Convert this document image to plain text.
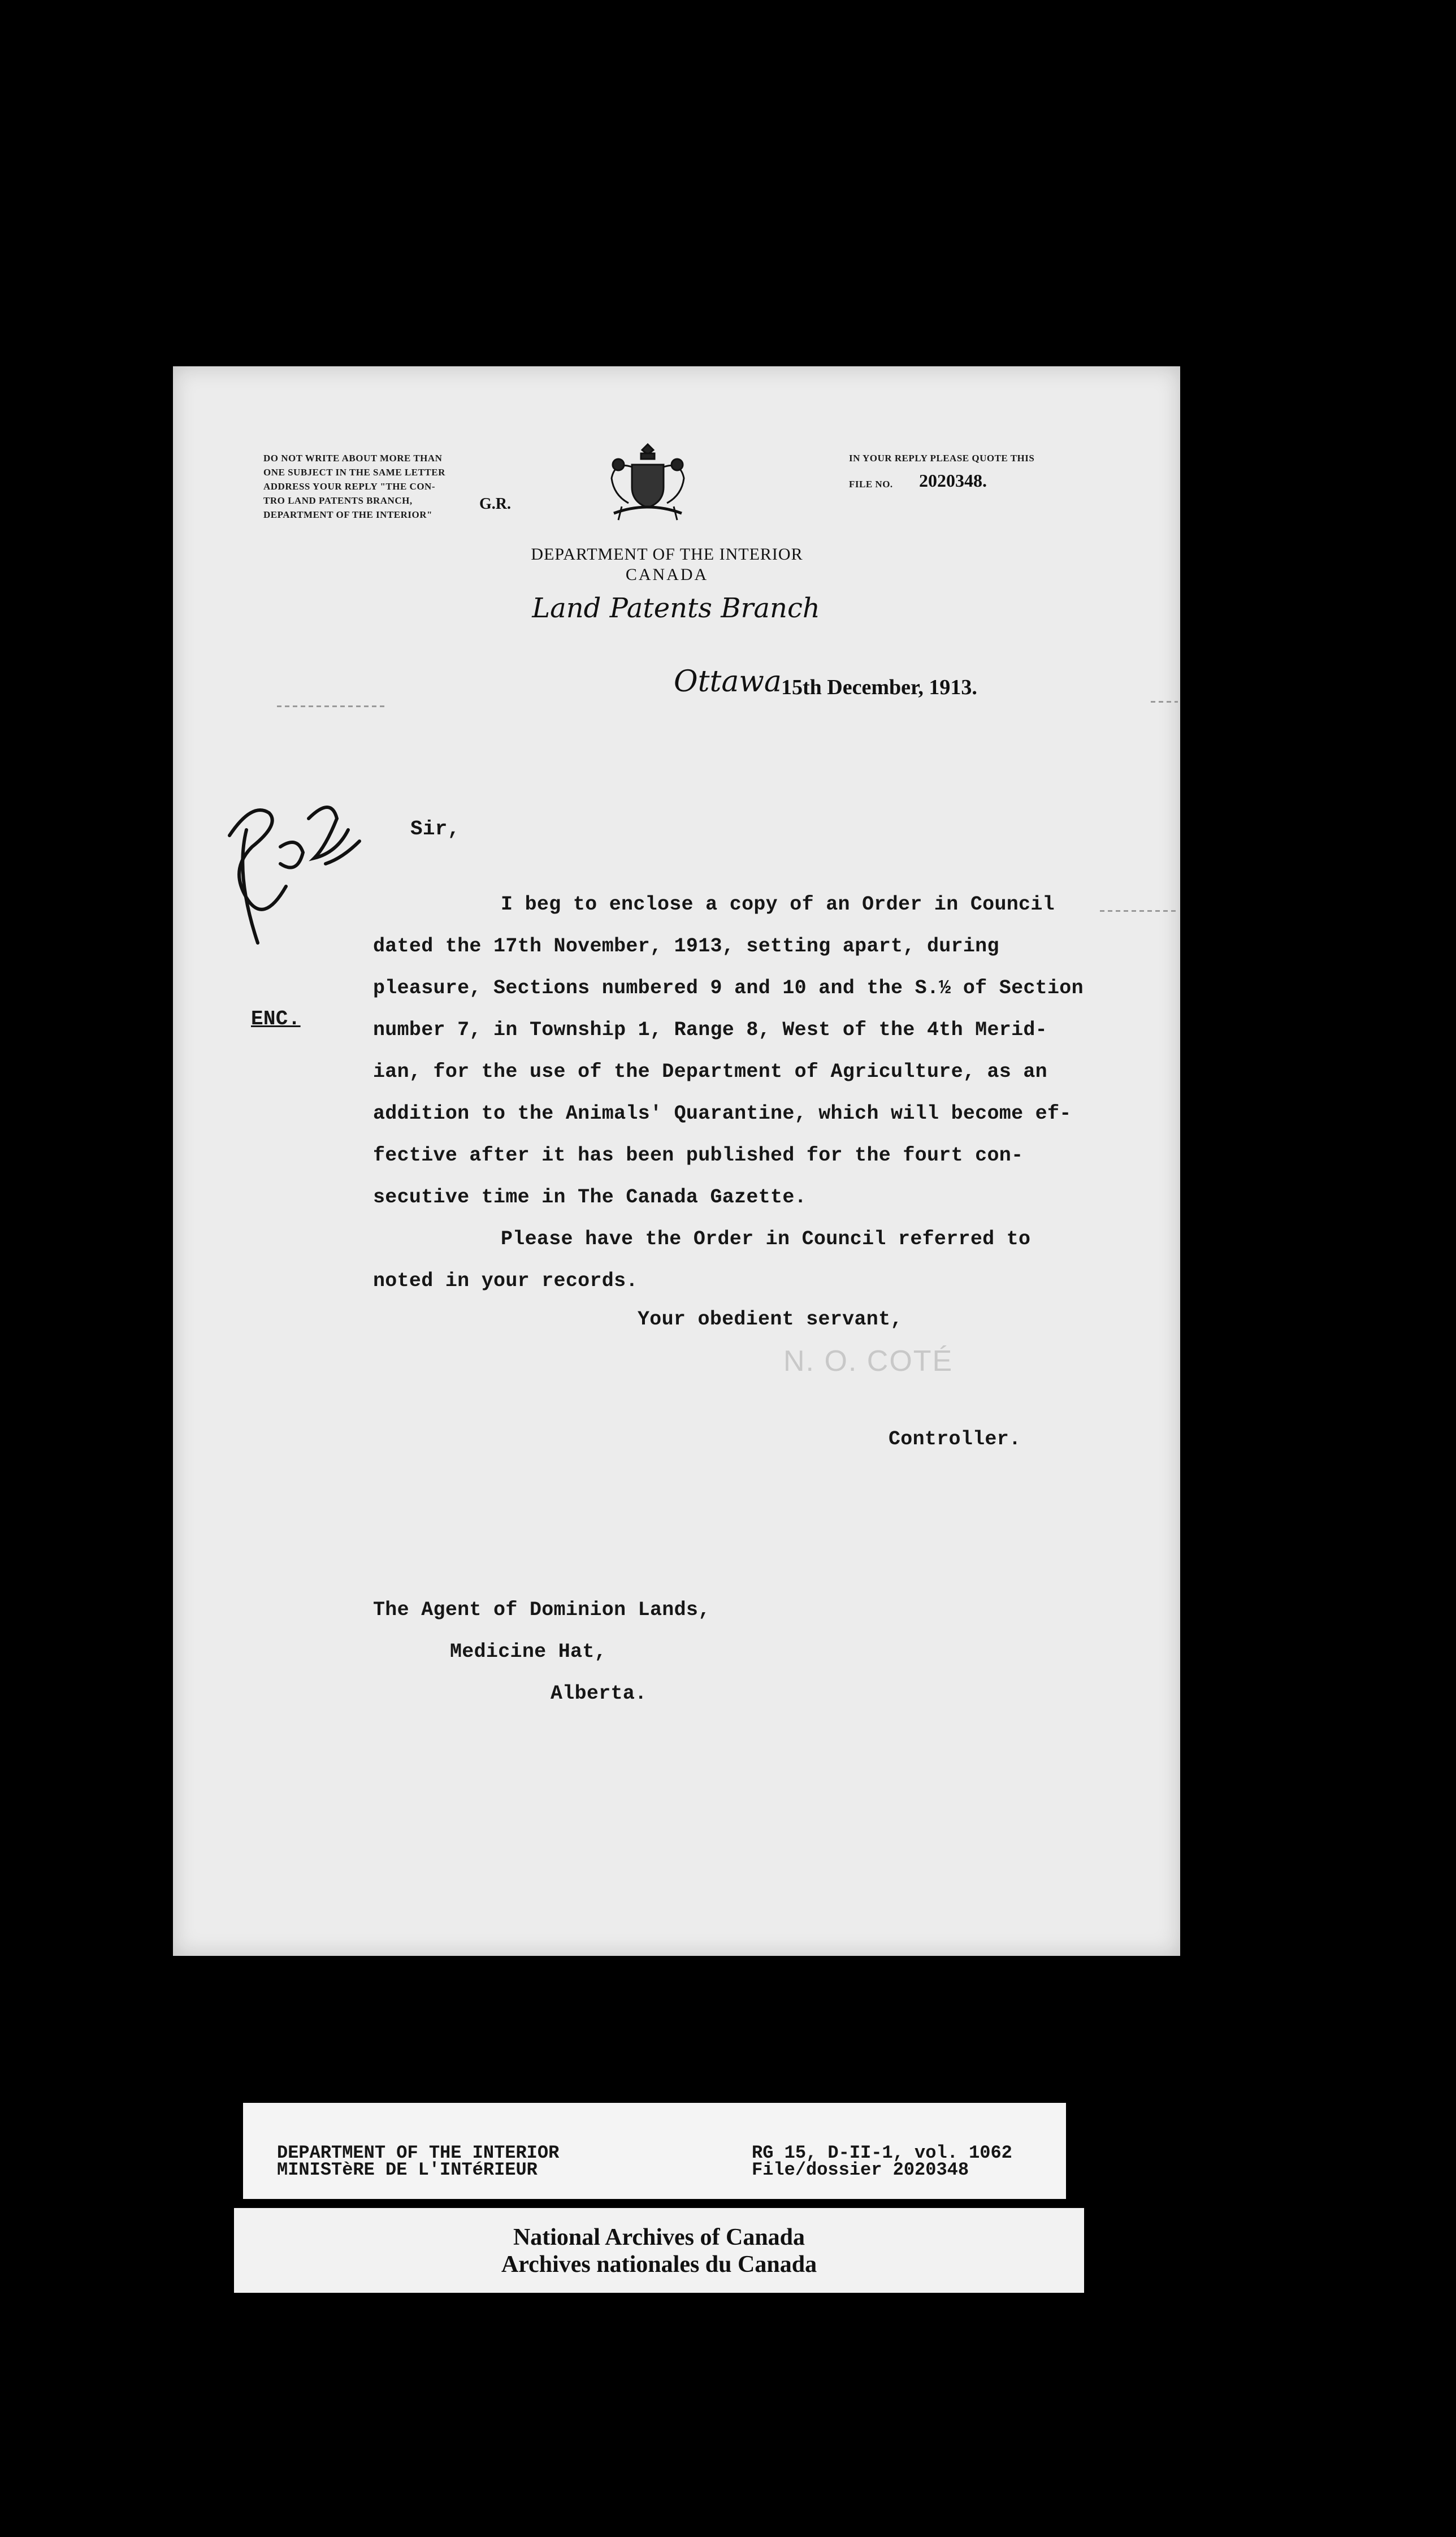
DO NOT WRITE ABOUT MORE THAN
ONE SUBJECT IN THE SAME LETTER
ADDRESS YOUR REPLY "THE CON-
TRO LAND PATENTS BRANCH,
DEPARTMENT OF THE INTERIOR"
G.R.
IN YOUR REPLY PLEASE QUOTE THIS
FILE NO. 2020348.
DEPARTMENT OF THE INTERIOR
CANADA
Land Patents Branch
Ottawa 15th December, 1913.
Sir,
ENC.
I beg to enclose a copy of an Order in Council
dated the 17th November, 1913, setting apart, during
pleasure, Sections numbered 9 and 10 and the S.½ of Section
number 7, in Township 1, Range 8, West of the 4th Merid-
ian, for the use of the Department of Agriculture, as an
addition to the Animals' Quarantine, which will become ef-
fective after it has been published for the fourt con-
secutive time in The Canada Gazette.
Please have the Order in Council referred to
noted in your records.
Your obedient servant,
N. O. COTÉ
Controller.
The Agent of Dominion Lands,
Medicine Hat,
Alberta.
DEPARTMENT OF THE INTERIOR
MINISTèRE DE L'INTéRIEUR
RG 15, D-II-1, vol. 1062
File/dossier 2020348
National Archives of Canada
Archives nationales du Canada
